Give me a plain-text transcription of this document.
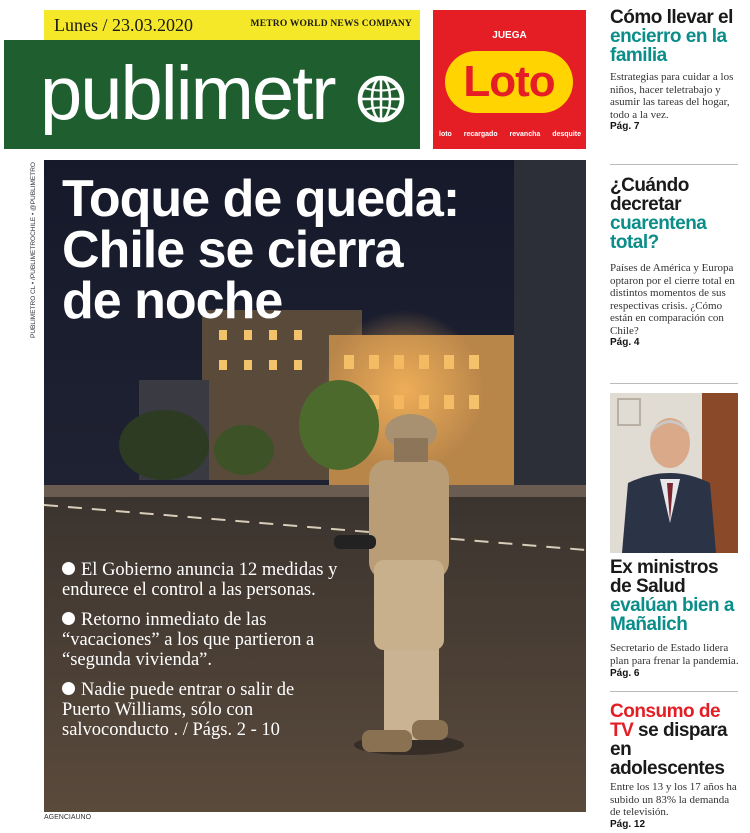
Lunes / 23.03.2020	METRO WORLD NEWS COMPANY
publimetr
JUEGA
Loto
loto recargado revancha desquite
PUBLIMETRO CL • /PUBLIMETROCHILE • @PUBLIMETRO Toque de queda:
Chile se cierra
de noche
El Gobierno anuncia 12 medidas y endurece el control a las personas.
Retorno inmediato de las “vacaciones” a los que partieron a “segunda vivienda”.
Nadie puede entrar o salir de Puerto Williams, sólo con salvoconducto . / Págs. 2 - 10
AGENCIAUNO
Cómo llevar el encierro en la familia
Estrategias para cuidar a los niños, hacer teletrabajo y asumir las tareas del hogar, todo a la vez.
Pág. 7
¿Cuándo decretar cuarentena total?
Países de América y Europa optaron por el cierre total en distintos momentos de sus respectivas crisis. ¿Cómo están en comparación con Chile?
Pág. 4
Ex ministros de Salud evalúan bien a Mañalich
Secretario de Estado lidera plan para frenar la pandemia. Pág. 6
Consumo de TV se dispara en adolescentes
Entre los 13 y los 17 años ha subido un 83% la demanda de televisión.
Pág. 12
